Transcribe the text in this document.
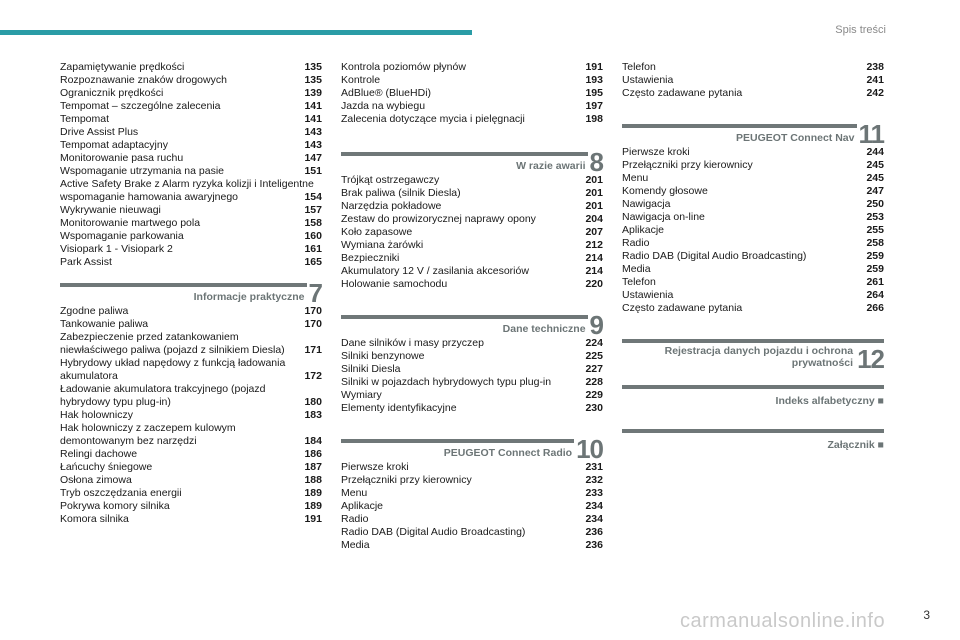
Spis treści
Zapamiętywanie prędkości	135
Rozpoznawanie znaków drogowych	135
Ogranicznik prędkości	139
Tempomat – szczególne zalecenia	141
Tempomat	141
Drive Assist Plus	143
Tempomat adaptacyjny	143
Monitorowanie pasa ruchu	147
Wspomaganie utrzymania na pasie	151
Active Safety Brake z Alarm ryzyka kolizji i Inteligentne
wspomaganie hamowania awaryjnego	154
Wykrywanie nieuwagi	157
Monitorowanie martwego pola	158
Wspomaganie parkowania	160
Visiopark 1 - Visiopark 2	161
Park Assist	165
Informacje praktyczne 7
Zgodne paliwa	170
Tankowanie paliwa	170
Zabezpieczenie przed zatankowaniem
niewłaściwego paliwa (pojazd z silnikiem Diesla)	171
Hybrydowy układ napędowy z funkcją ładowania
akumulatora	172
Ładowanie akumulatora trakcyjnego (pojazd
hybrydowy typu plug-in)	180
Hak holowniczy	183
Hak holowniczy z zaczepem kulowym
demontowanym bez narzędzi	184
Relingi dachowe	186
Łańcuchy śniegowe	187
Osłona zimowa	188
Tryb oszczędzania energii	189
Pokrywa komory silnika	189
Komora silnika	191
Kontrola poziomów płynów	191
Kontrole	193
AdBlue® (BlueHDi)	195
Jazda na wybiegu	197
Zalecenia dotyczące mycia i pielęgnacji	198
W razie awarii 8
Trójkąt ostrzegawczy	201
Brak paliwa (silnik Diesla)	201
Narzędzia pokładowe	201
Zestaw do prowizorycznej naprawy opony	204
Koło zapasowe	207
Wymiana żarówki	212
Bezpieczniki	214
Akumulatory 12 V / zasilania akcesoriów	214
Holowanie samochodu	220
Dane techniczne 9
Dane silników i masy przyczep	224
Silniki benzynowe	225
Silniki Diesla	227
Silniki w pojazdach hybrydowych typu plug-in	228
Wymiary	229
Elementy identyfikacyjne	230
PEUGEOT Connect Radio 10
Pierwsze kroki	231
Przełączniki przy kierownicy	232
Menu	233
Aplikacje	234
Radio	234
Radio DAB (Digital Audio Broadcasting)	236
Media	236
Telefon	238
Ustawienia	241
Często zadawane pytania	242
PEUGEOT Connect Nav 11
Pierwsze kroki	244
Przełączniki przy kierownicy	245
Menu	245
Komendy głosowe	247
Nawigacja	250
Nawigacja on-line	253
Aplikacje	255
Radio	258
Radio DAB (Digital Audio Broadcasting)	259
Media	259
Telefon	261
Ustawienia	264
Często zadawane pytania	266
Rejestracja danych pojazdu i ochrona
prywatności 12
Indeks alfabetyczny ■
Załącznik ■
carmanualsonline.info	3
